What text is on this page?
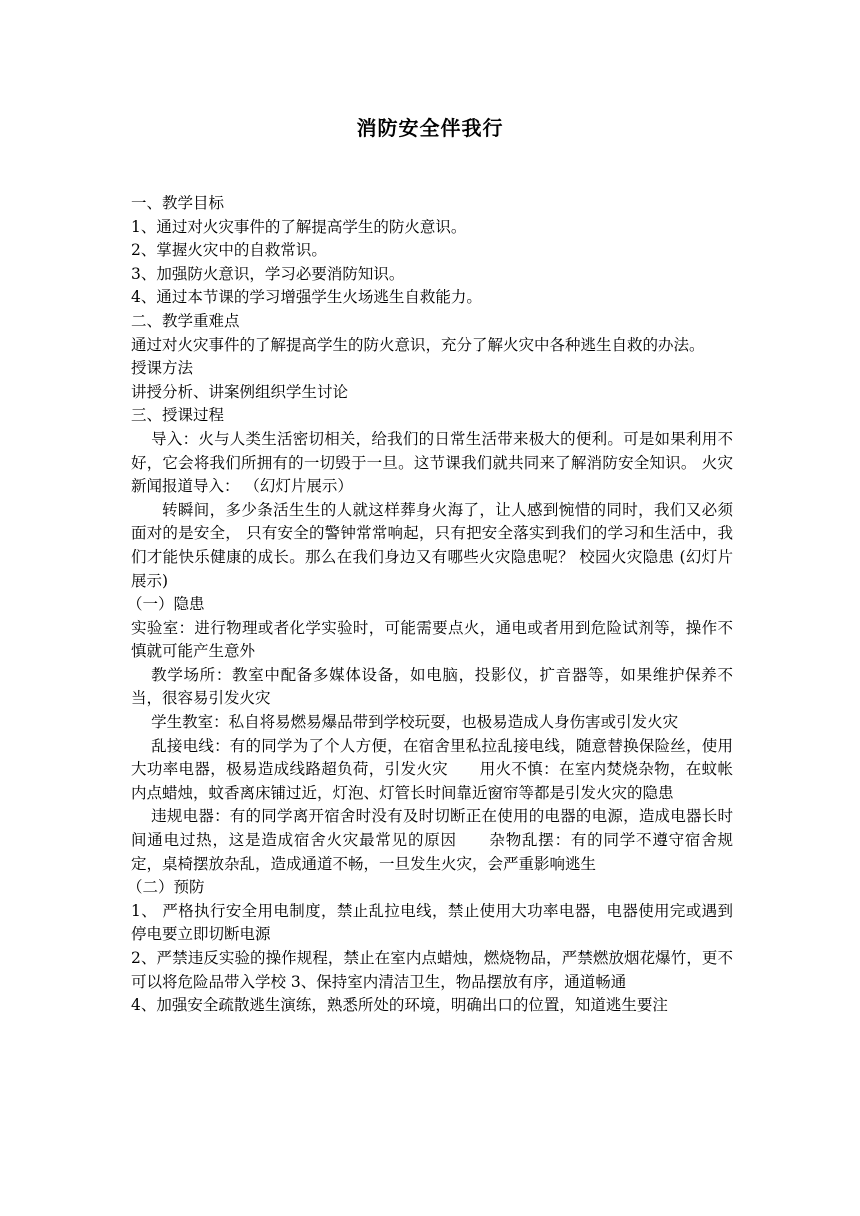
消防安全伴我行

一、教学目标

1、通过对火灾事件的了解提高学生的防火意识。

2、掌握火灾中的自救常识。

3、加强防火意识，学习必要消防知识。

4、通过本节课的学习增强学生火场逃生自救能力。

二、教学重难点

通过对火灾事件的了解提高学生的防火意识，充分了解火灾中各种逃生自救的办法。

授课方法

讲授分析、讲案例组织学生讨论

三、授课过程

导入：火与人类生活密切相关，给我们的日常生活带来极大的便利。可是如果利用不好，它会将我们所拥有的一切毁于一旦。这节课我们就共同来了解消防安全知识。 火灾新闻报道导入： （幻灯片展示）

转瞬间，多少条活生生的人就这样葬身火海了，让人感到惋惜的同时，我们又必须面对的是安全， 只有安全的警钟常常响起，只有把安全落实到我们的学习和生活中，我们才能快乐健康的成长。那么在我们身边又有哪些火灾隐患呢？ 校园火灾隐患 (幻灯片展示)

（一）隐患

实验室：进行物理或者化学实验时，可能需要点火，通电或者用到危险试剂等，操作不慎就可能产生意外

教学场所：教室中配备多媒体设备，如电脑，投影仪，扩音器等，如果维护保养不当，很容易引发火灾

学生教室：私自将易燃易爆品带到学校玩耍，也极易造成人身伤害或引发火灾

乱接电线：有的同学为了个人方便，在宿舍里私拉乱接电线，随意替换保险丝，使用大功率电器，极易造成线路超负荷，引发火灾　　用火不慎：在室内焚烧杂物，在蚊帐内点蜡烛，蚊香离床铺过近，灯泡、灯管长时间靠近窗帘等都是引发火灾的隐患

违规电器：有的同学离开宿舍时没有及时切断正在使用的电器的电源，造成电器长时间通电过热，这是造成宿舍火灾最常见的原因　　杂物乱摆：有的同学不遵守宿舍规定，桌椅摆放杂乱，造成通道不畅，一旦发生火灾，会严重影响逃生

（二）预防

1、 严格执行安全用电制度，禁止乱拉电线，禁止使用大功率电器，电器使用完或遇到停电要立即切断电源

2、严禁违反实验的操作规程，禁止在室内点蜡烛，燃烧物品，严禁燃放烟花爆竹，更不可以将危险品带入学校 3、保持室内清洁卫生，物品摆放有序，通道畅通

4、加强安全疏散逃生演练，熟悉所处的环境，明确出口的位置，知道逃生要注
